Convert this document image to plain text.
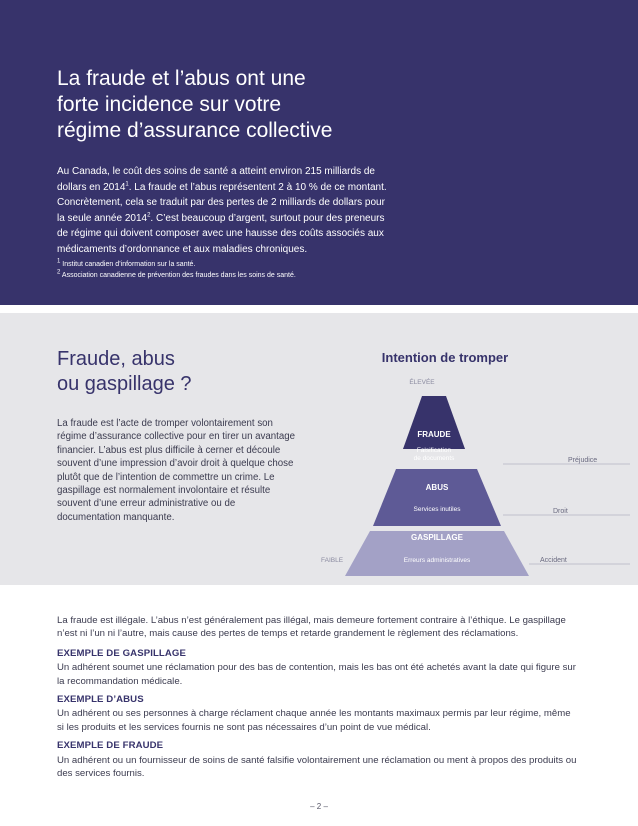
La fraude et l’abus ont une
forte incidence sur votre
régime d’assurance collective

Au Canada, le coût des soins de santé a atteint environ 215 milliards de dollars en 2014$^1$. La fraude et l’abus représentent 2 à 10 % de ce montant. Concrètement, cela se traduit par des pertes de 2 milliards de dollars pour la seule année 2014$^2$. C’est beaucoup d’argent, surtout pour des preneurs de régime qui doivent composer avec une hausse des coûts associés aux médicaments d’ordonnance et aux maladies chroniques.

$^1$ Institut canadien d’information sur la santé.
$^2$ Association canadienne de prévention des fraudes dans les soins de santé.
Fraude, abus
ou gaspillage ?

La fraude est l’acte de tromper volontairement son régime d’assurance collective pour en tirer un avantage financier. L’abus est plus difficile à cerner et découle souvent d’une impression d’avoir droit à quelque chose plutôt que de l’intention de commettre un crime. Le gaspillage est normalement involontaire et résulte souvent d’une erreur administrative ou de documentation manquante.

Intention de tromper
ÉLEVÉE
FRAUDE
Falsification
de documents	Préjudice
ABUS
Services inutiles	Droit
GASPILLAGE
Erreurs administratives	Accident
FAIBLE

La fraude est illégale. L’abus n’est généralement pas illégal, mais demeure fortement contraire à l’éthique. Le gaspillage n’est ni l’un ni l’autre, mais cause des pertes de temps et retarde grandement le règlement des réclamations.

EXEMPLE DE GASPILLAGE

Un adhérent soumet une réclamation pour des bas de contention, mais les bas ont été achetés avant la date qui figure sur la recommandation médicale.

EXEMPLE D’ABUS

Un adhérent ou ses personnes à charge réclament chaque année les montants maximaux permis par leur régime, même si les produits et les services fournis ne sont pas nécessaires d’un point de vue médical.

EXEMPLE DE FRAUDE

Un adhérent ou un fournisseur de soins de santé falsifie volontairement une réclamation ou ment à propos des produits ou des services fournis.

– 2 –
